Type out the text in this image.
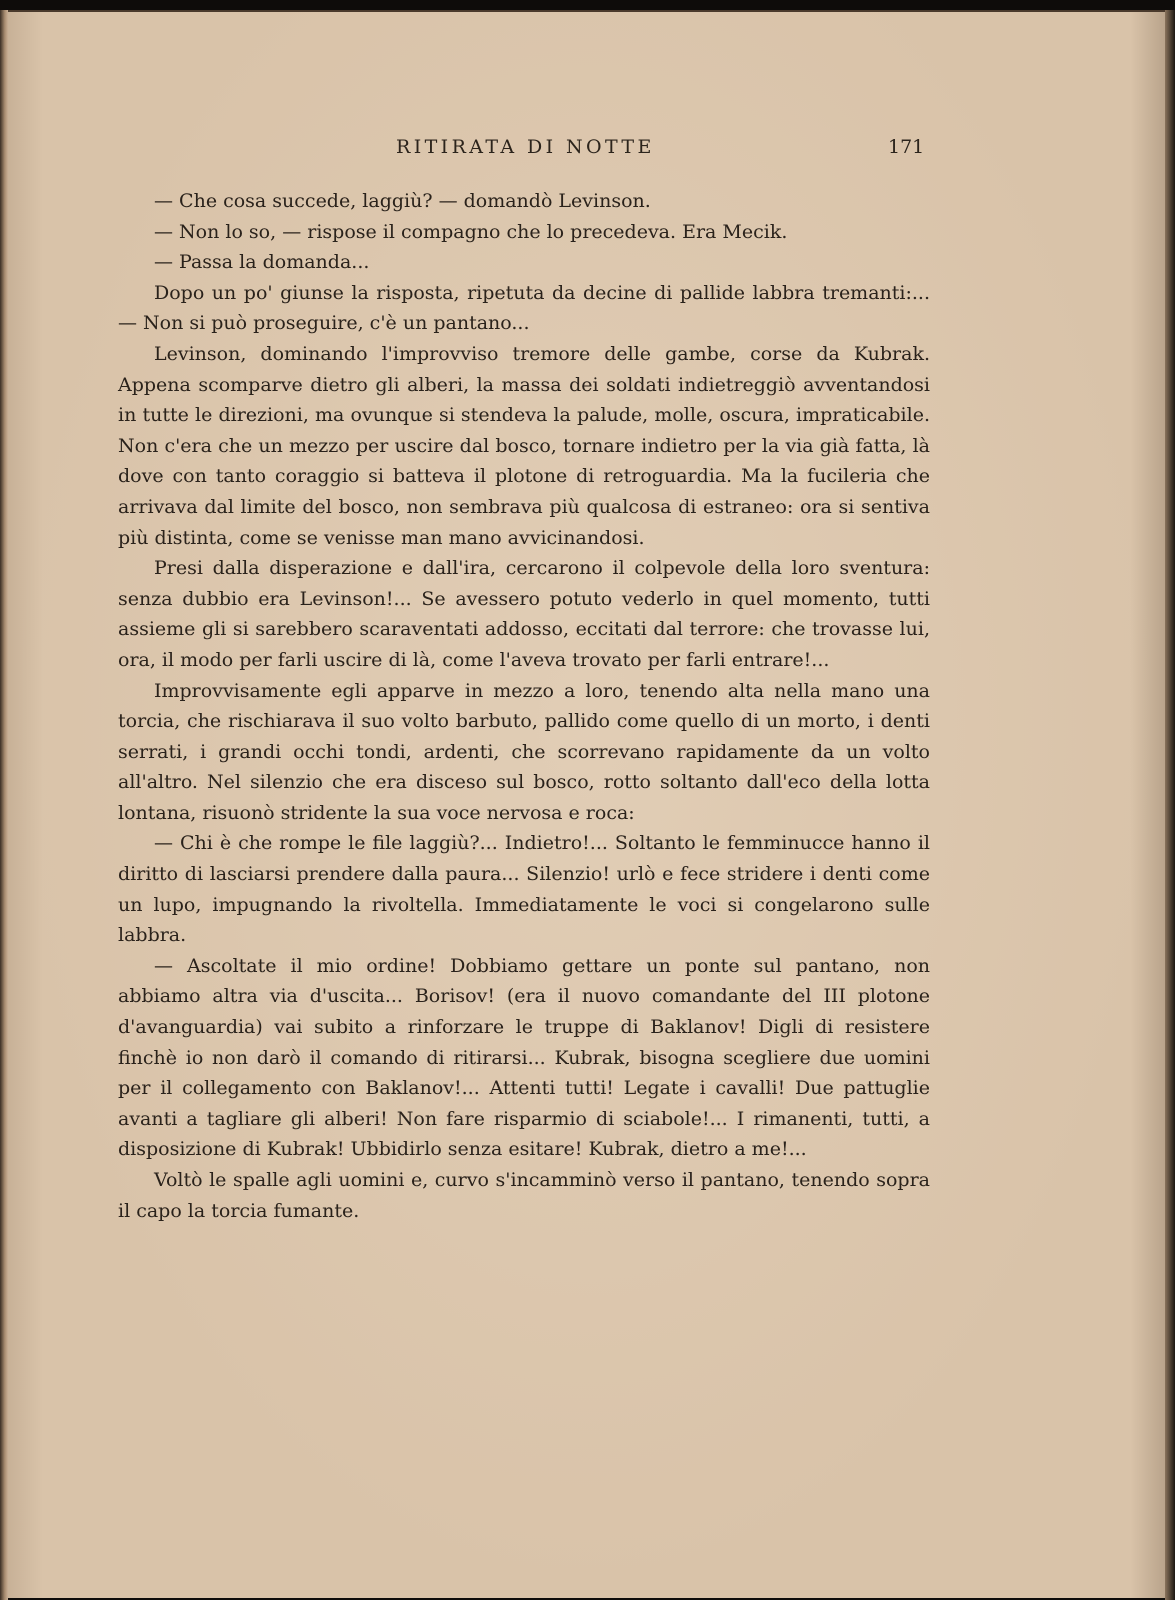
RITIRATA DI NOTTE	171

— Che cosa succede, laggiù? — domandò Levinson.

— Non lo so, — rispose il compagno che lo precedeva. Era Mecik.

— Passa la domanda...

Dopo un po' giunse la risposta, ripetuta da decine di pallide labbra tremanti:... — Non si può proseguire, c'è un pantano...

Levinson, dominando l'improvviso tremore delle gambe, corse da Kubrak. Appena scomparve dietro gli alberi, la massa dei soldati indietreggiò avventandosi in tutte le direzioni, ma ovunque si stendeva la palude, molle, oscura, impraticabile. Non c'era che un mezzo per uscire dal bosco, tornare indietro per la via già fatta, là dove con tanto coraggio si batteva il plotone di retroguardia. Ma la fucileria che arrivava dal limite del bosco, non sembrava più qualcosa di estraneo: ora si sentiva più distinta, come se venisse man mano avvicinandosi.

Presi dalla disperazione e dall'ira, cercarono il colpevole della loro sventura: senza dubbio era Levinson!... Se avessero potuto vederlo in quel momento, tutti assieme gli si sarebbero scaraventati addosso, eccitati dal terrore: che trovasse lui, ora, il modo per farli uscire di là, come l'aveva trovato per farli entrare!...

Improvvisamente egli apparve in mezzo a loro, tenendo alta nella mano una torcia, che rischiarava il suo volto barbuto, pallido come quello di un morto, i denti serrati, i grandi occhi tondi, ardenti, che scorrevano rapidamente da un volto all'altro. Nel silenzio che era disceso sul bosco, rotto soltanto dall'eco della lotta lontana, risuonò stridente la sua voce nervosa e roca:

— Chi è che rompe le file laggiù?... Indietro!... Soltanto le femminucce hanno il diritto di lasciarsi prendere dalla paura... Silenzio! urlò e fece stridere i denti come un lupo, impugnando la rivoltella. Immediatamente le voci si congelarono sulle labbra.

— Ascoltate il mio ordine! Dobbiamo gettare un ponte sul pantano, non abbiamo altra via d'uscita... Borisov! (era il nuovo comandante del III plotone d'avanguardia) vai subito a rinforzare le truppe di Baklanov! Digli di resistere finchè io non darò il comando di ritirarsi... Kubrak, bisogna scegliere due uomini per il collegamento con Baklanov!... Attenti tutti! Legate i cavalli! Due pattuglie avanti a tagliare gli alberi! Non fare risparmio di sciabole!... I rimanenti, tutti, a disposizione di Kubrak! Ubbidirlo senza esitare! Kubrak, dietro a me!...

Voltò le spalle agli uomini e, curvo s'incamminò verso il pantano, tenendo sopra il capo la torcia fumante.
